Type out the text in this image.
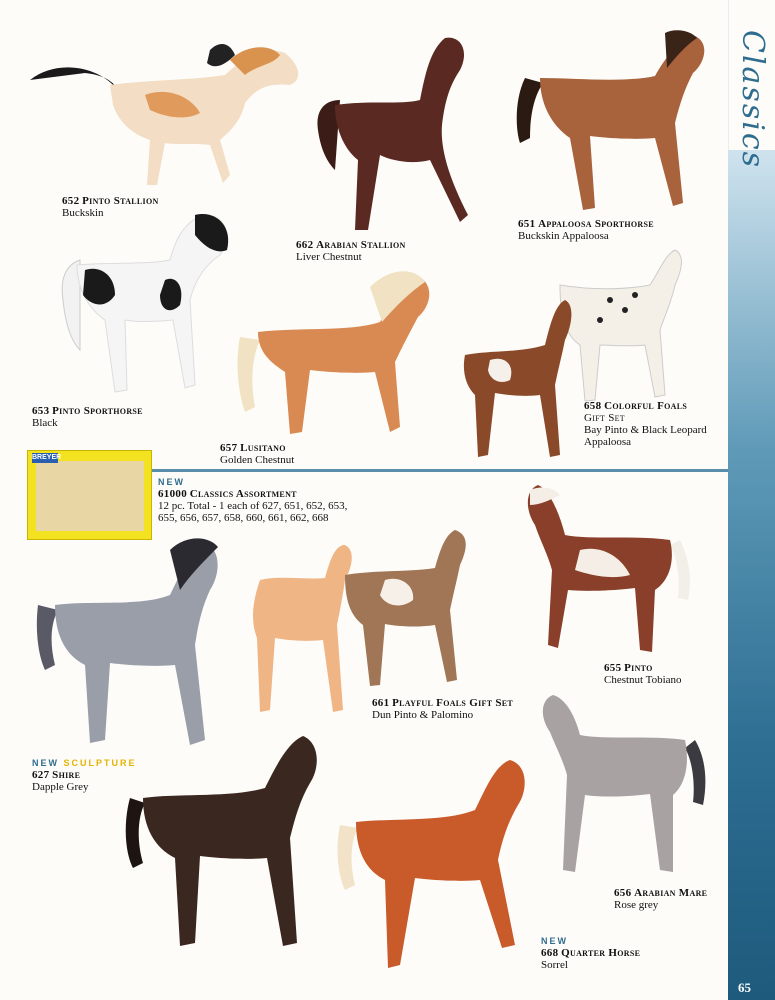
Classics
65
BREYER
652 Pinto Stallion
Buckskin
662 Arabian Stallion
Liver Chestnut
651 Appaloosa Sporthorse
Buckskin Appaloosa
653 Pinto Sporthorse
Black
657 Lusitano
Golden Chestnut
658 Colorful Foals
Gift Set
Bay Pinto & Black Leopard
Appaloosa
NEW
61000 Classics Assortment
12 pc. Total - 1 each of 627, 651, 652, 653,
655, 656, 657, 658, 660, 661, 662, 668
655 Pinto
Chestnut Tobiano
661 Playful Foals Gift Set
Dun Pinto & Palomino
NEW SCULPTURE
627 Shire
Dapple Grey
656 Arabian Mare
Rose grey
NEW
668 Quarter Horse
Sorrel
